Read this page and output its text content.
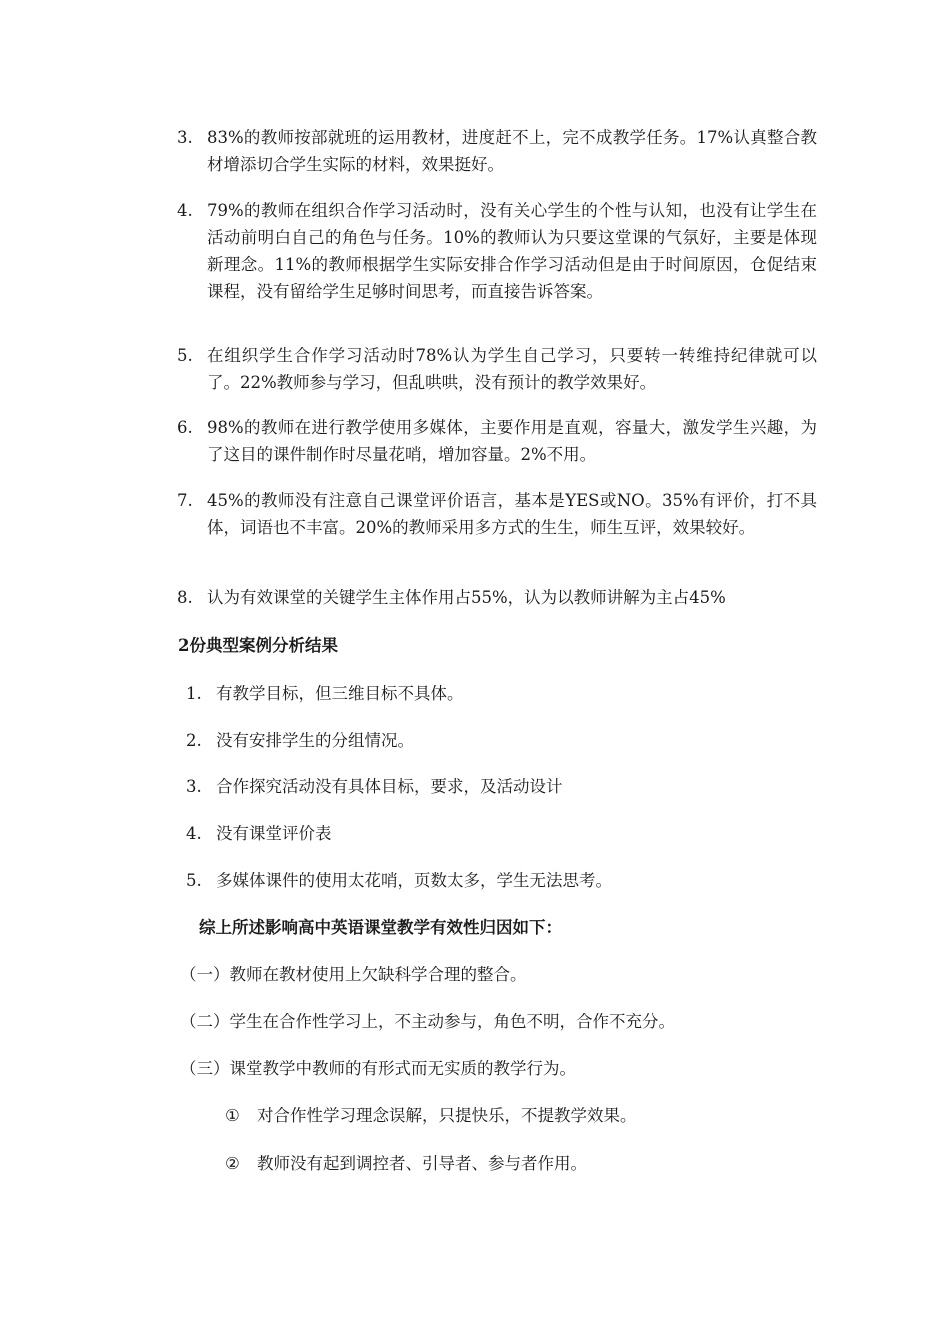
3. 83%的教师按部就班的运用教材，进度赶不上，完不成教学任务。17%认真整合教材增添切合学生实际的材料，效果挺好。
4. 79%的教师在组织合作学习活动时，没有关心学生的个性与认知，也没有让学生在活动前明白自己的角色与任务。10%的教师认为只要这堂课的气氛好，主要是体现新理念。11%的教师根据学生实际安排合作学习活动但是由于时间原因，仓促结束课程，没有留给学生足够时间思考，而直接告诉答案。
5. 在组织学生合作学习活动时78%认为学生自己学习，只要转一转维持纪律就可以了。22%教师参与学习，但乱哄哄，没有预计的教学效果好。
6. 98%的教师在进行教学使用多媒体，主要作用是直观，容量大，激发学生兴趣，为了这目的课件制作时尽量花哨，增加容量。2%不用。
7. 45%的教师没有注意自己课堂评价语言，基本是YES或NO。35%有评价，打不具体，词语也不丰富。20%的教师采用多方式的生生，师生互评，效果较好。
8. 认为有效课堂的关键学生主体作用占55%，认为以教师讲解为主占45%
2份典型案例分析结果
1. 有教学目标，但三维目标不具体。
2. 没有安排学生的分组情况。
3. 合作探究活动没有具体目标，要求，及活动设计
4. 没有课堂评价表
5. 多媒体课件的使用太花哨，页数太多，学生无法思考。
综上所述影响高中英语课堂教学有效性归因如下：
（一）教师在教材使用上欠缺科学合理的整合。
（二）学生在合作性学习上，不主动参与，角色不明，合作不充分。
（三）课堂教学中教师的有形式而无实质的教学行为。
① 对合作性学习理念误解，只提快乐，不提教学效果。
② 教师没有起到调控者、引导者、参与者作用。
